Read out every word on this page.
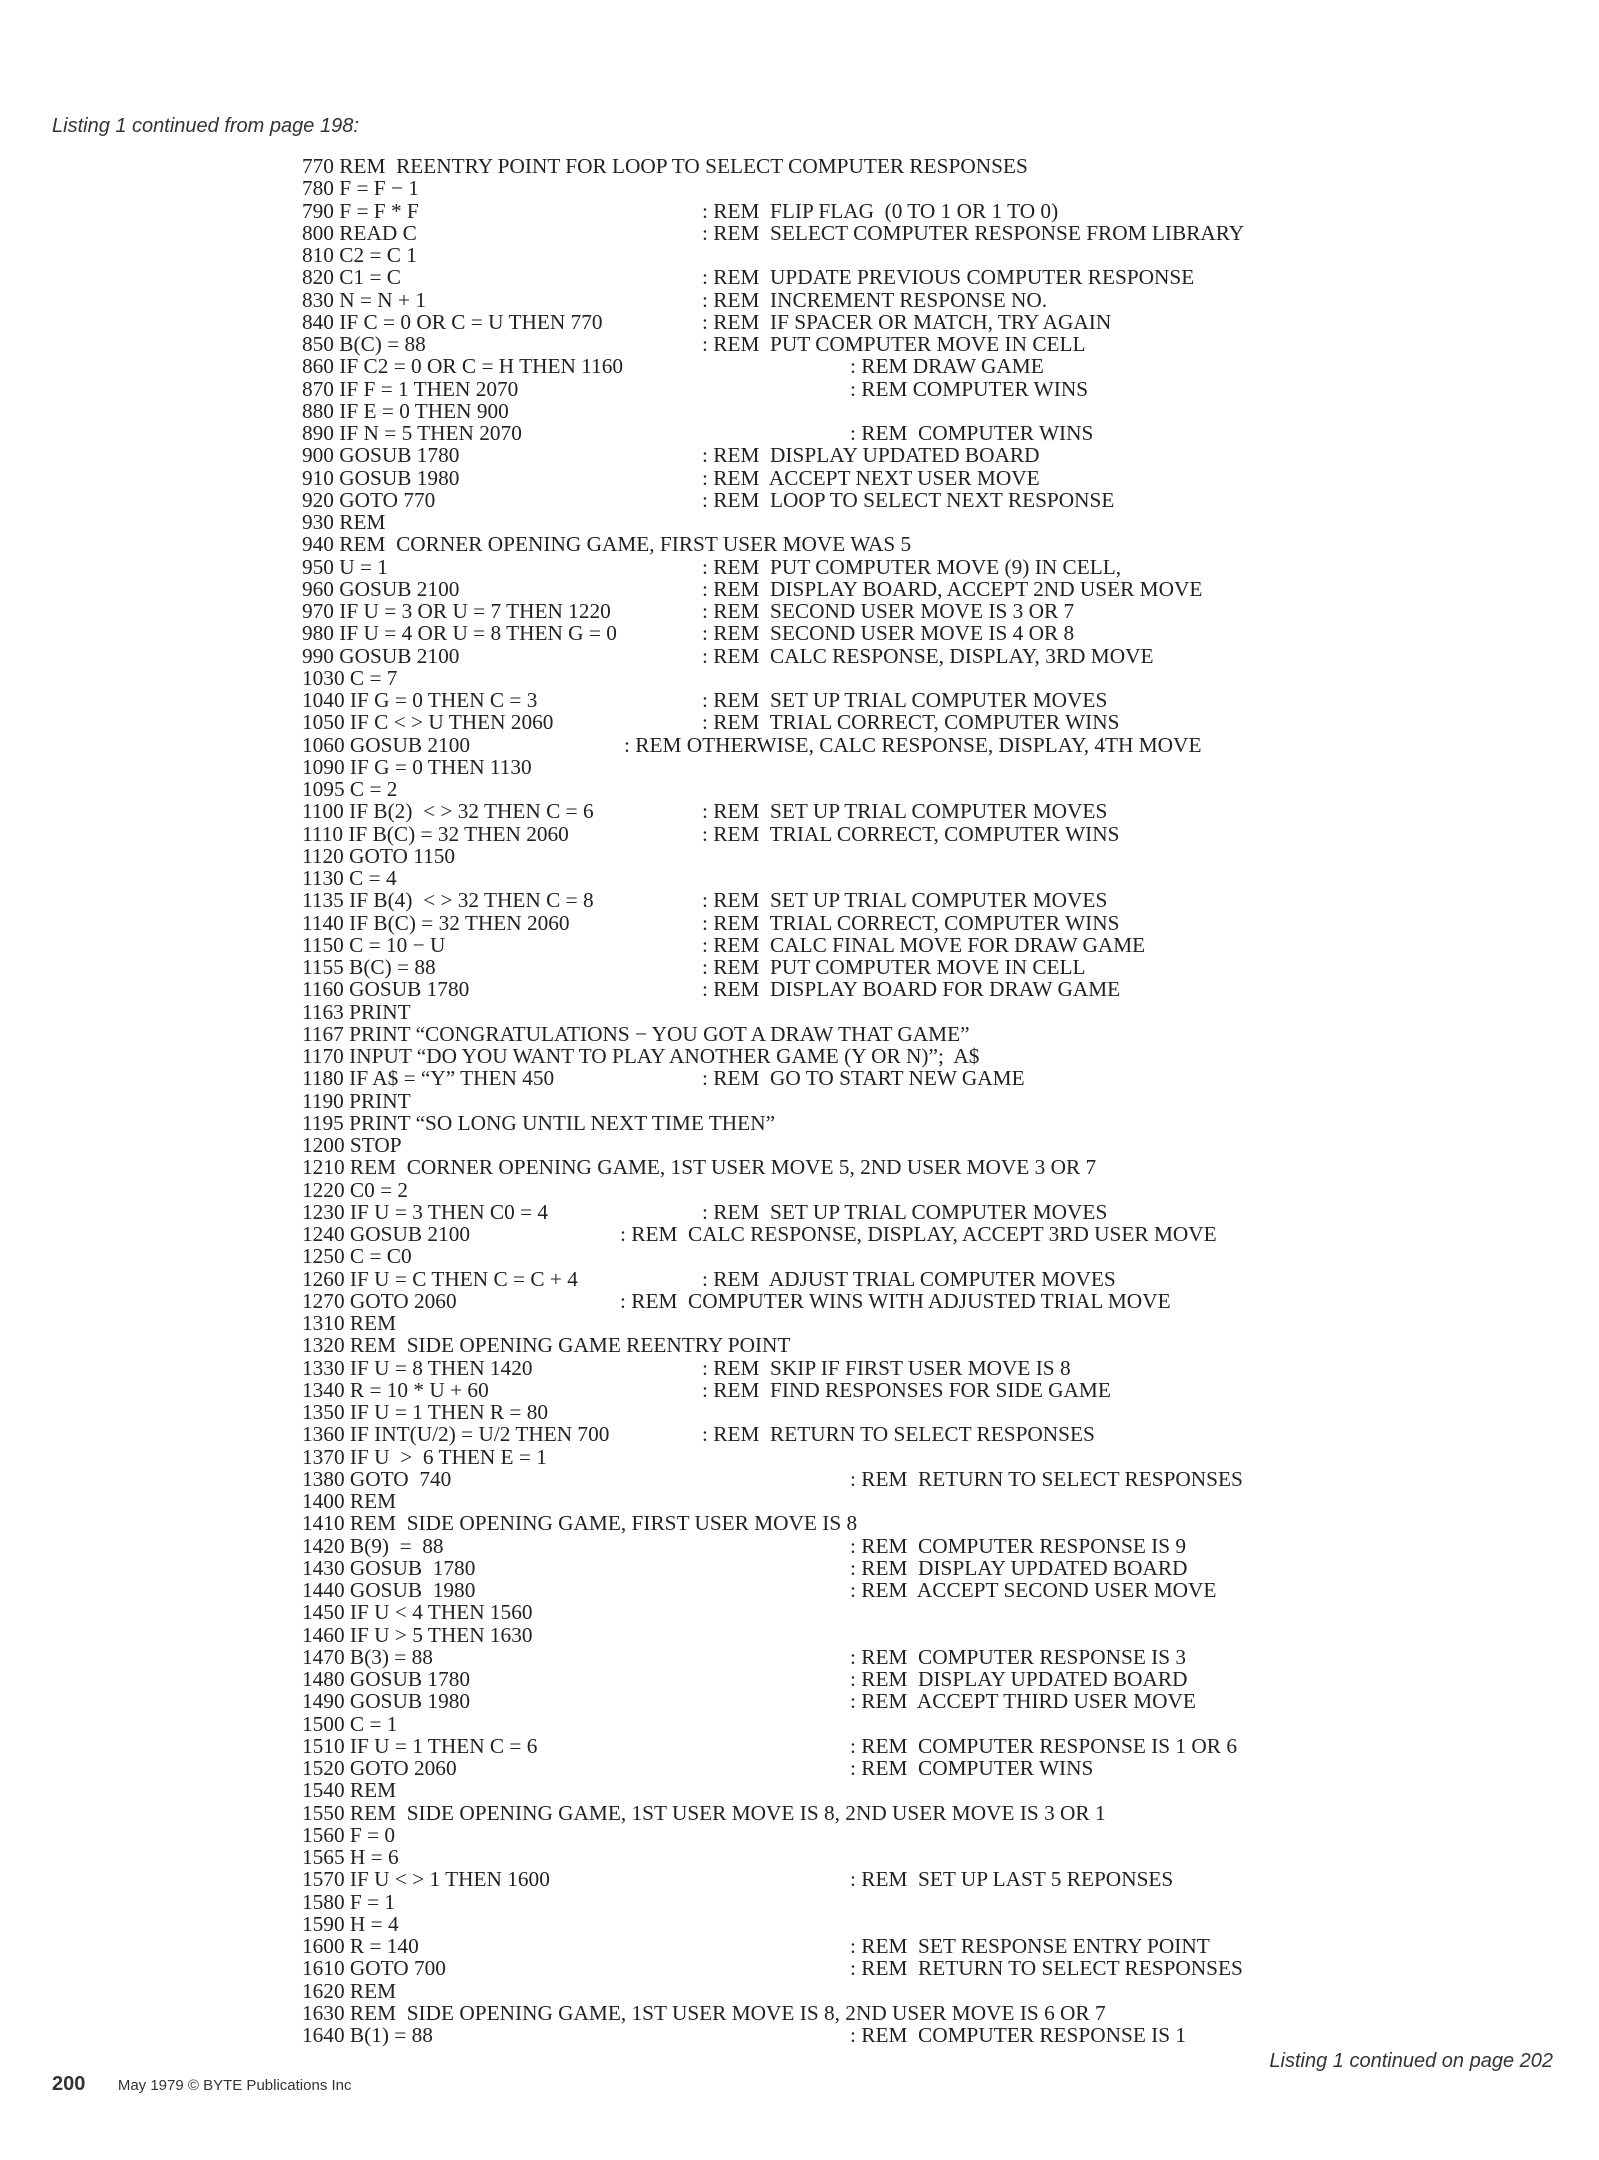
Listing 1 continued from page 198:
770 REM  REENTRY POINT FOR LOOP TO SELECT COMPUTER RESPONSES
780 F = F − 1
790 F = F * F	: REM  FLIP FLAG  (0 TO 1 OR 1 TO 0)
800 READ C	: REM  SELECT COMPUTER RESPONSE FROM LIBRARY
810 C2 = C 1
820 C1 = C	: REM  UPDATE PREVIOUS COMPUTER RESPONSE
830 N = N + 1	: REM  INCREMENT RESPONSE NO.
840 IF C = 0 OR C = U THEN 770	: REM  IF SPACER OR MATCH, TRY AGAIN
850 B(C) = 88	: REM  PUT COMPUTER MOVE IN CELL
860 IF C2 = 0 OR C = H THEN 1160	: REM DRAW GAME
870 IF F = 1 THEN 2070	: REM COMPUTER WINS
880 IF E = 0 THEN 900
890 IF N = 5 THEN 2070	: REM  COMPUTER WINS
900 GOSUB 1780	: REM  DISPLAY UPDATED BOARD
910 GOSUB 1980	: REM  ACCEPT NEXT USER MOVE
920 GOTO 770	: REM  LOOP TO SELECT NEXT RESPONSE
930 REM
940 REM  CORNER OPENING GAME, FIRST USER MOVE WAS 5
950 U = 1	: REM  PUT COMPUTER MOVE (9) IN CELL,
960 GOSUB 2100	: REM  DISPLAY BOARD, ACCEPT 2ND USER MOVE
970 IF U = 3 OR U = 7 THEN 1220	: REM  SECOND USER MOVE IS 3 OR 7
980 IF U = 4 OR U = 8 THEN G = 0	: REM  SECOND USER MOVE IS 4 OR 8
990 GOSUB 2100	: REM  CALC RESPONSE, DISPLAY, 3RD MOVE
1030 C = 7
1040 IF G = 0 THEN C = 3	: REM  SET UP TRIAL COMPUTER MOVES
1050 IF C < > U THEN 2060	: REM  TRIAL CORRECT, COMPUTER WINS
1060 GOSUB 2100	: REM OTHERWISE, CALC RESPONSE, DISPLAY, 4TH MOVE
1090 IF G = 0 THEN 1130
1095 C = 2
1100 IF B(2)  < > 32 THEN C = 6	: REM  SET UP TRIAL COMPUTER MOVES
1110 IF B(C) = 32 THEN 2060	: REM  TRIAL CORRECT, COMPUTER WINS
1120 GOTO 1150
1130 C = 4
1135 IF B(4)  < > 32 THEN C = 8	: REM  SET UP TRIAL COMPUTER MOVES
1140 IF B(C) = 32 THEN 2060	: REM  TRIAL CORRECT, COMPUTER WINS
1150 C = 10 − U	: REM  CALC FINAL MOVE FOR DRAW GAME
1155 B(C) = 88	: REM  PUT COMPUTER MOVE IN CELL
1160 GOSUB 1780	: REM  DISPLAY BOARD FOR DRAW GAME
1163 PRINT
1167 PRINT “CONGRATULATIONS − YOU GOT A DRAW THAT GAME”
1170 INPUT “DO YOU WANT TO PLAY ANOTHER GAME (Y OR N)”;  A$
1180 IF A$ = “Y” THEN 450	: REM  GO TO START NEW GAME
1190 PRINT
1195 PRINT “SO LONG UNTIL NEXT TIME THEN”
1200 STOP
1210 REM  CORNER OPENING GAME, 1ST USER MOVE 5, 2ND USER MOVE 3 OR 7
1220 C0 = 2
1230 IF U = 3 THEN C0 = 4	: REM  SET UP TRIAL COMPUTER MOVES
1240 GOSUB 2100	: REM  CALC RESPONSE, DISPLAY, ACCEPT 3RD USER MOVE
1250 C = C0
1260 IF U = C THEN C = C + 4	: REM  ADJUST TRIAL COMPUTER MOVES
1270 GOTO 2060	: REM  COMPUTER WINS WITH ADJUSTED TRIAL MOVE
1310 REM
1320 REM  SIDE OPENING GAME REENTRY POINT
1330 IF U = 8 THEN 1420	: REM  SKIP IF FIRST USER MOVE IS 8
1340 R = 10 * U + 60	: REM  FIND RESPONSES FOR SIDE GAME
1350 IF U = 1 THEN R = 80
1360 IF INT(U/2) = U/2 THEN 700	: REM  RETURN TO SELECT RESPONSES
1370 IF U  >  6 THEN E = 1
1380 GOTO  740	: REM  RETURN TO SELECT RESPONSES
1400 REM
1410 REM  SIDE OPENING GAME, FIRST USER MOVE IS 8
1420 B(9)  =  88	: REM  COMPUTER RESPONSE IS 9
1430 GOSUB  1780	: REM  DISPLAY UPDATED BOARD
1440 GOSUB  1980	: REM  ACCEPT SECOND USER MOVE
1450 IF U < 4 THEN 1560
1460 IF U > 5 THEN 1630
1470 B(3) = 88	: REM  COMPUTER RESPONSE IS 3
1480 GOSUB 1780	: REM  DISPLAY UPDATED BOARD
1490 GOSUB 1980	: REM  ACCEPT THIRD USER MOVE
1500 C = 1
1510 IF U = 1 THEN C = 6	: REM  COMPUTER RESPONSE IS 1 OR 6
1520 GOTO 2060	: REM  COMPUTER WINS
1540 REM
1550 REM  SIDE OPENING GAME, 1ST USER MOVE IS 8, 2ND USER MOVE IS 3 OR 1
1560 F = 0
1565 H = 6
1570 IF U < > 1 THEN 1600	: REM  SET UP LAST 5 REPONSES
1580 F = 1
1590 H = 4
1600 R = 140	: REM  SET RESPONSE ENTRY POINT
1610 GOTO 700	: REM  RETURN TO SELECT RESPONSES
1620 REM
1630 REM  SIDE OPENING GAME, 1ST USER MOVE IS 8, 2ND USER MOVE IS 6 OR 7
1640 B(1) = 88	: REM  COMPUTER RESPONSE IS 1
200 May 1979 © BYTE Publications Inc
Listing 1 continued on page 202
